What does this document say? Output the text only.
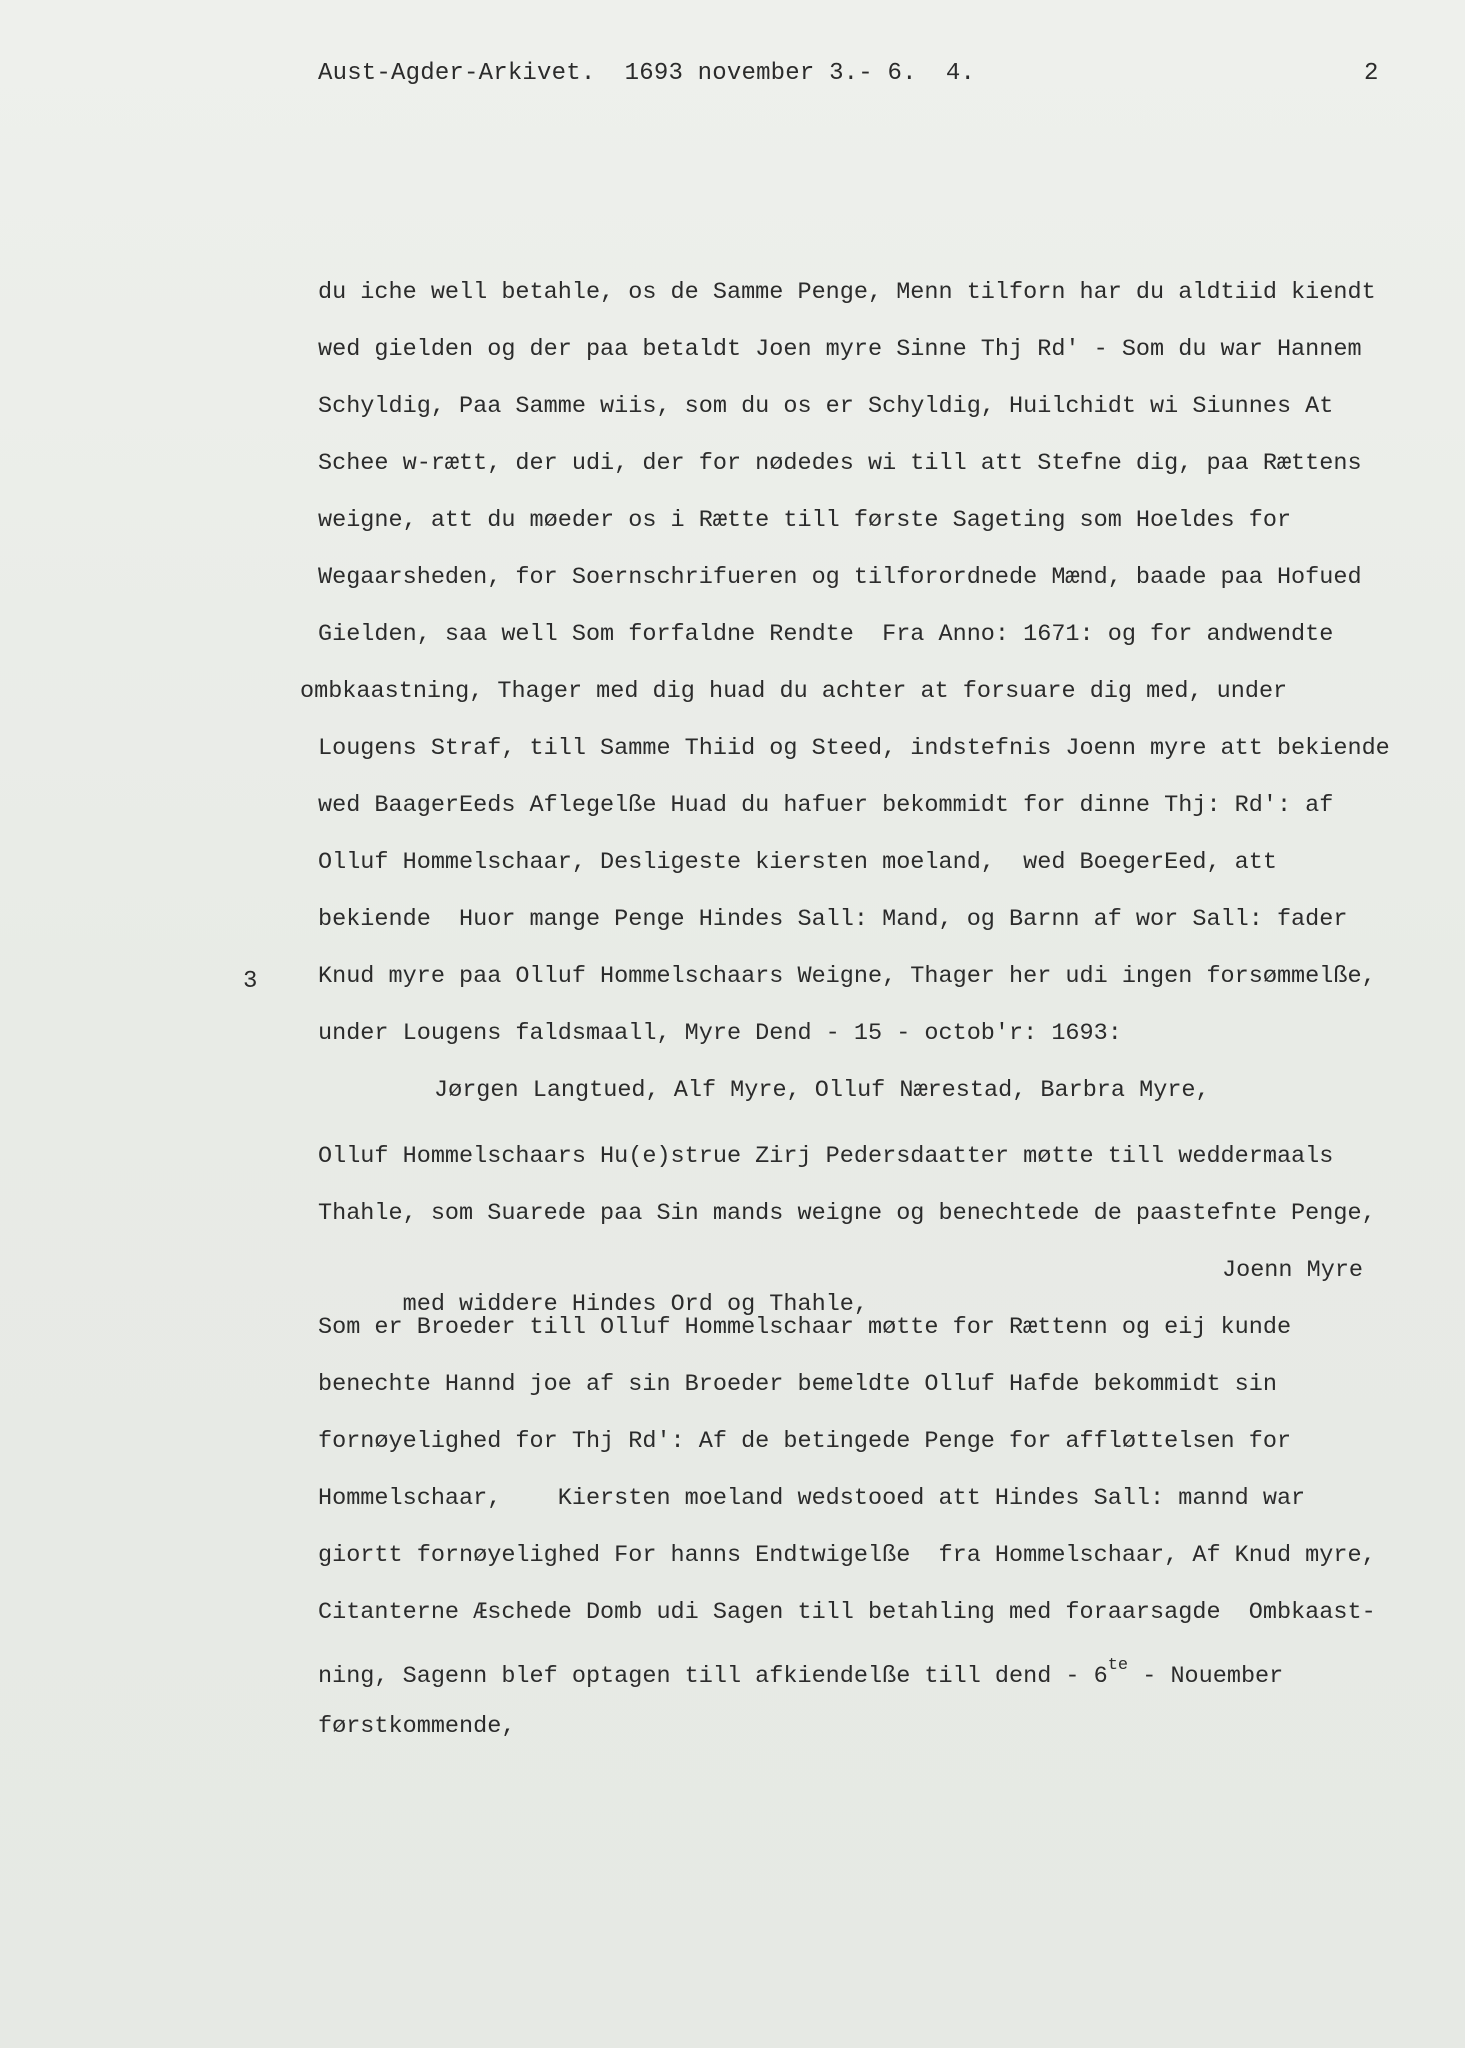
Aust-Agder-Arkivet.  1693 november 3.- 6.  4.	2
3
du iche well betahle, os de Samme Penge, Menn tilforn har du aldtiid kiendt
wed gielden og der paa betaldt Joen myre Sinne Thj Rd' - Som du war Hannem
Schyldig, Paa Samme wiis, som du os er Schyldig, Huilchidt wi Siunnes At
Schee w-rætt, der udi, der for nødedes wi till att Stefne dig, paa Rættens
weigne, att du møeder os i Rætte till første Sageting som Hoeldes for
Wegaarsheden, for Soernschrifueren og tilforordnede Mænd, baade paa Hofued
Gielden, saa well Som forfaldne Rendte  Fra Anno: 1671: og for andwendte
ombkaastning, Thager med dig huad du achter at forsuare dig med, under
Lougens Straf, till Samme Thiid og Steed, indstefnis Joenn myre att bekiende
wed BaagerEeds Aflegelße Huad du hafuer bekommidt for dinne Thj: Rd': af
Olluf Hommelschaar, Desligeste kiersten moeland,  wed BoegerEed, att
bekiende  Huor mange Penge Hindes Sall: Mand, og Barnn af wor Sall: fader
Knud myre paa Olluf Hommelschaars Weigne, Thager her udi ingen forsømmelße,
under Lougens faldsmaall, Myre Dend - 15 - octob'r: 1693:
Jørgen Langtued, Alf Myre, Olluf Nærestad, Barbra Myre,
Olluf Hommelschaars Hu(e)strue Zirj Pedersdaatter møtte till weddermaals
Thahle, som Suarede paa Sin mands weigne og benechtede de paastefnte Penge,

med widdere Hindes Ord og Thahle,

Joenn Myre

Som er Broeder till Olluf Hommelschaar møtte for Rættenn og eij kunde
benechte Hannd joe af sin Broeder bemeldte Olluf Hafde bekommidt sin
fornøyelighed for Thj Rd': Af de betingede Penge for affløttelsen for
Hommelschaar,    Kiersten moeland wedstooed att Hindes Sall: mannd war
giortt fornøyelighed For hanns Endtwigelße  fra Hommelschaar, Af Knud myre,
Citanterne Æschede Domb udi Sagen till betahling med foraarsagde  Ombkaast-
ning, Sagenn blef optagen till afkiendelße till dend - $6^{te}$ - Nouember
førstkommende,
